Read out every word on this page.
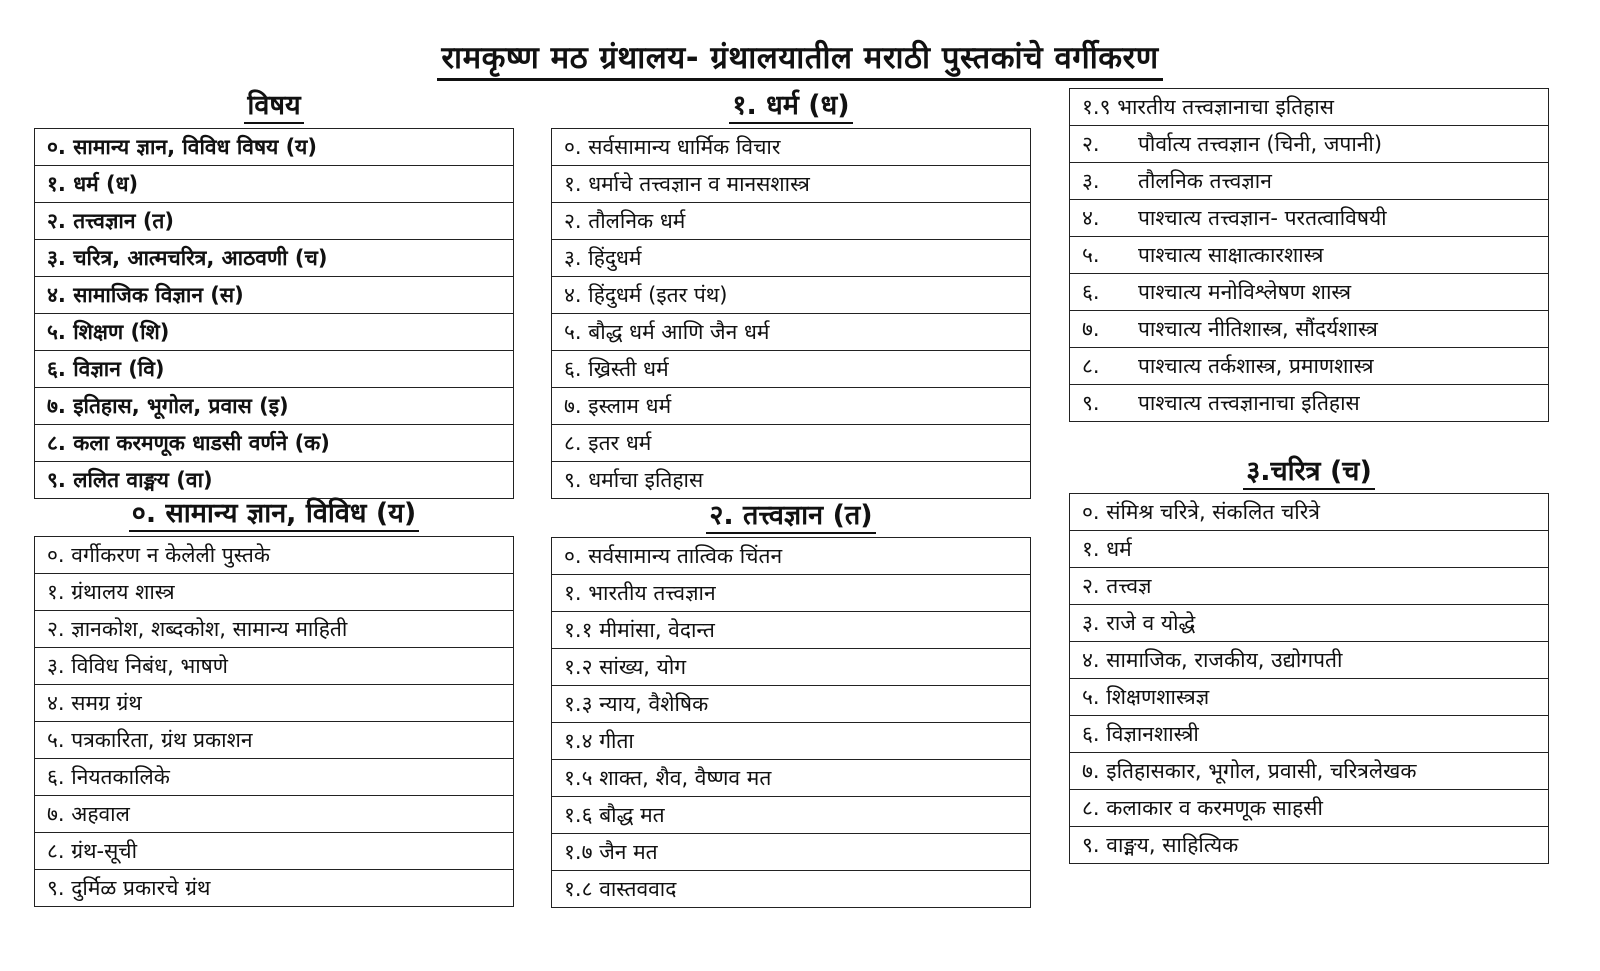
रामकृष्ण मठ ग्रंथालय- ग्रंथालयातील मराठी पुस्तकांचे वर्गीकरण
विषय
०. सामान्य ज्ञान, विविध विषय (य)
१. धर्म (ध)
२. तत्त्वज्ञान (त)
३. चरित्र, आत्मचरित्र, आठवणी (च)
४. सामाजिक विज्ञान (स)
५. शिक्षण (शि)
६. विज्ञान (वि)
७. इतिहास, भूगोल, प्रवास (इ)
८. कला करमणूक धाडसी वर्णने (क)
९. ललित वाङ्मय (वा)
०. सामान्य ज्ञान, विविध (य)
०. वर्गीकरण न केलेली पुस्तके
१. ग्रंथालय शास्त्र
२. ज्ञानकोश, शब्दकोश, सामान्य माहिती
३. विविध निबंध, भाषणे
४. समग्र ग्रंथ
५. पत्रकारिता, ग्रंथ प्रकाशन
६. नियतकालिके
७. अहवाल
८. ग्रंथ-सूची
९. दुर्मिळ प्रकारचे ग्रंथ
१. धर्म (ध)
०. सर्वसामान्य धार्मिक विचार
१. धर्माचे तत्त्वज्ञान व मानसशास्त्र
२. तौलनिक धर्म
३. हिंदुधर्म
४. हिंदुधर्म (इतर पंथ)
५. बौद्ध धर्म आणि जैन धर्म
६. ख्रिस्ती धर्म
७. इस्लाम धर्म
८. इतर धर्म
९. धर्माचा इतिहास
२. तत्त्वज्ञान (त)
०. सर्वसामान्य तात्विक चिंतन
१. भारतीय तत्त्वज्ञान
१.१ मीमांसा, वेदान्त
१.२ सांख्य, योग
१.३ न्याय, वैशेषिक
१.४ गीता
१.५ शाक्त, शैव, वैष्णव मत
१.६ बौद्ध मत
१.७ जैन मत
१.८ वास्तववाद
१.९ भारतीय तत्त्वज्ञानाचा इतिहास
२. पौर्वात्य तत्त्वज्ञान (चिनी, जपानी)
३. तौलनिक तत्त्वज्ञान
४. पाश्चात्य तत्त्वज्ञान- परतत्वाविषयी
५. पाश्चात्य साक्षात्कारशास्त्र
६. पाश्चात्य मनोविश्लेषण शास्त्र
७. पाश्चात्य नीतिशास्त्र, सौंदर्यशास्त्र
८. पाश्चात्य तर्कशास्त्र, प्रमाणशास्त्र
९. पाश्चात्य तत्त्वज्ञानाचा इतिहास
३.चरित्र (च)
०. संमिश्र चरित्रे, संकलित चरित्रे
१. धर्म
२. तत्त्वज्ञ
३. राजे व योद्धे
४. सामाजिक, राजकीय, उद्योगपती
५. शिक्षणशास्त्रज्ञ
६. विज्ञानशास्त्री
७. इतिहासकार, भूगोल, प्रवासी, चरित्रलेखक
८. कलाकार व करमणूक साहसी
९. वाङ्मय, साहित्यिक
